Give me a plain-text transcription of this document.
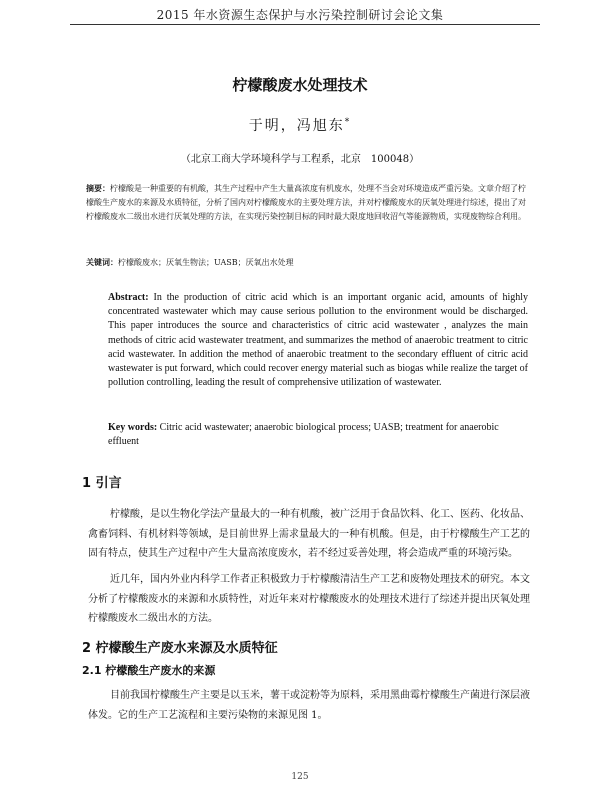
2015 年水资源生态保护与水污染控制研讨会论文集
柠檬酸废水处理技术
于明，冯旭东*
（北京工商大学环境科学与工程系，北京　100048）
摘要：柠檬酸是一种重要的有机酸，其生产过程中产生大量高浓度有机废水，处理不当会对环境造成严重污染。文章介绍了柠檬酸生产废水的来源及水质特征，分析了国内对柠檬酸废水的主要处理方法，并对柠檬酸废水的厌氧处理进行综述，提出了对柠檬酸废水二级出水进行厌氧处理的方法，在实现污染控制目标的同时最大限度地回收沼气等能源物质，实现废物综合利用。
关键词：柠檬酸废水；厌氧生物法；UASB；厌氧出水处理
Abstract: In the production of citric acid which is an important organic acid, amounts of highly concentrated wastewater which may cause serious pollution to the environment would be discharged. This paper introduces the source and characteristics of citric acid wastewater , analyzes the main methods of citric acid wastewater treatment, and summarizes the method of anaerobic treatment to citric acid wastewater. In addition the method of anaerobic treatment to the secondary effluent of citric acid wastewater is put forward, which could recover energy material such as biogas while realize the target of pollution controlling, leading the result of comprehensive utilization of wastewater.
Key words: Citric acid wastewater; anaerobic biological process; UASB; treatment for anaerobic effluent
1 引言
柠檬酸，是以生物化学法产量最大的一种有机酸，被广泛用于食品饮料、化工、医药、化妆品、禽畜饲料、有机材料等领域，是目前世界上需求量最大的一种有机酸。但是，由于柠檬酸生产工艺的固有特点，使其生产过程中产生大量高浓度废水，若不经过妥善处理，将会造成严重的环境污染。
近几年，国内外业内科学工作者正积极致力于柠檬酸清洁生产工艺和废物处理技术的研究。本文分析了柠檬酸废水的来源和水质特性，对近年来对柠檬酸废水的处理技术进行了综述并提出厌氧处理柠檬酸废水二级出水的方法。
2 柠檬酸生产废水来源及水质特征
2.1 柠檬酸生产废水的来源
目前我国柠檬酸生产主要是以玉米，薯干或淀粉等为原料，采用黑曲霉柠檬酸生产菌进行深层液体发。它的生产工艺流程和主要污染物的来源见图 1。
125
